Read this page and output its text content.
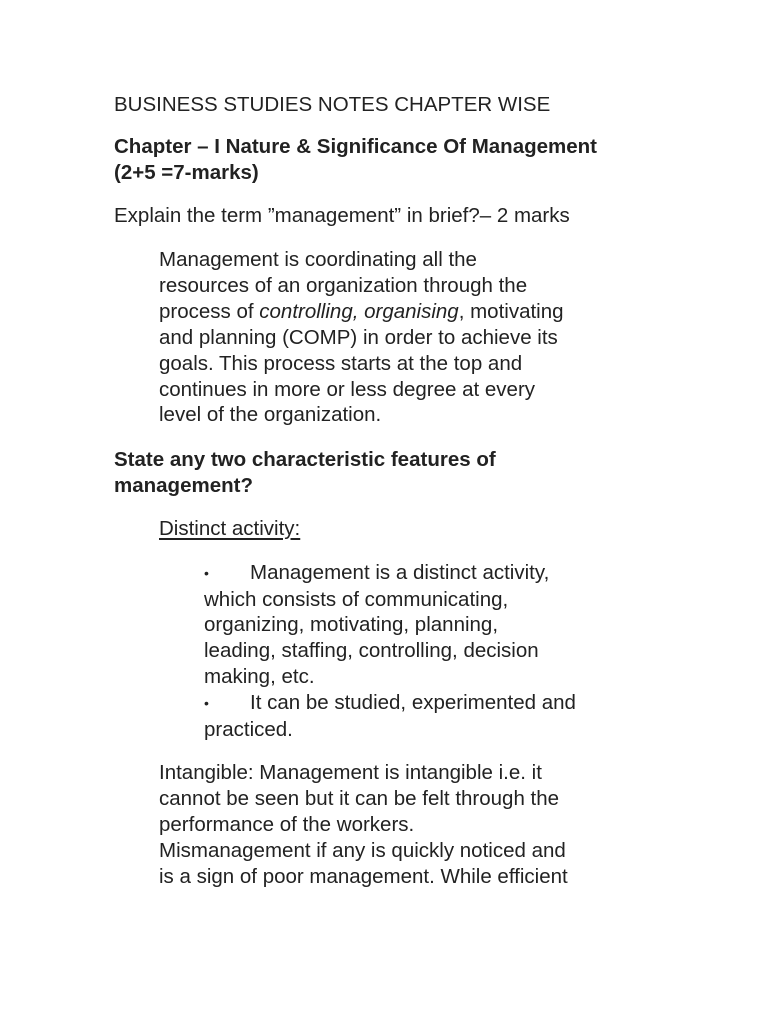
BUSINESS STUDIES NOTES CHAPTER WISE
Chapter – I Nature & Significance Of Management
(2+5 =7-marks)

Explain the term ”management” in brief?– 2 marks

Management is coordinating all the
resources of an organization through the
process of controlling, organising, motivating
and planning (COMP) in order to achieve its
goals. This process starts at the top and
continues in more or less degree at every
level of the organization.

State any two characteristic features of
management?

Distinct activity:

• Management is a distinct activity,
which consists of communicating,
organizing, motivating, planning,
leading, staffing, controlling, decision
making, etc.
• It can be studied, experimented and
practiced.

Intangible: Management is intangible i.e. it
cannot be seen but it can be felt through the
performance of the workers.
Mismanagement if any is quickly noticed and
is a sign of poor management. While efficient
